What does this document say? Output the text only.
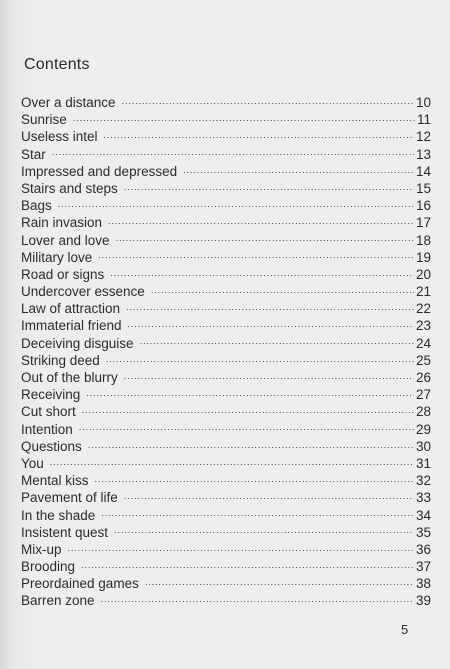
Contents
Over a distance .....	10
Sunrise .....	11
Useless intel .....	12
Star .....	13
Impressed and depressed .....	14
Stairs and steps .....	15
Bags .....	16
Rain invasion .....	17
Lover and love .....	18
Military love .....	19
Road or signs .....	20
Undercover essence .....	21
Law of attraction .....	22
Immaterial friend .....	23
Deceiving disguise .....	24
Striking deed .....	25
Out of the blurry .....	26
Receiving .....	27
Cut short .....	28
Intention .....	29
Questions .....	30
You .....	31
Mental kiss .....	32
Pavement of life .....	33
In the shade .....	34
Insistent quest .....	35
Mix-up .....	36
Brooding .....	37
Preordained games .....	38
Barren zone .....	39
5
